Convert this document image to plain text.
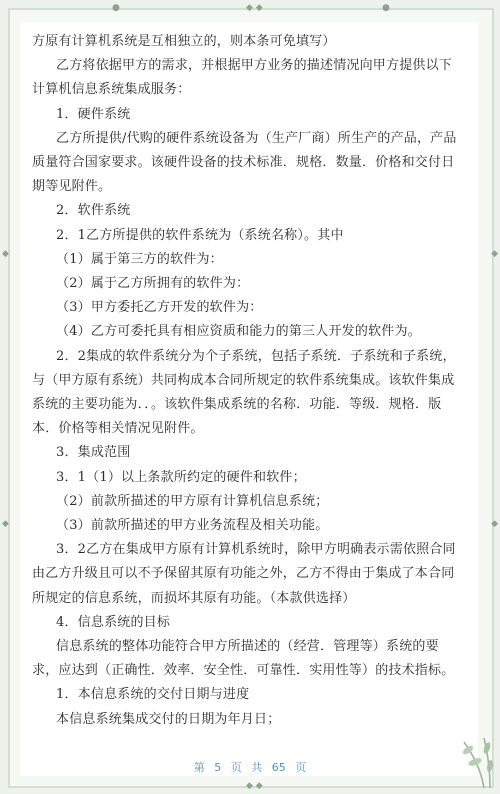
◆ ◆
●	●
◆
◆
◆
◆
◆ ◆

方原有计算机系统是互相独立的，则本条可免填写）

乙方将依据甲方的需求，并根据甲方业务的描述情况向甲方提供以下计算机信息系统集成服务：

1．硬件系统

乙方所提供/代购的硬件系统设备为（生产厂商）所生产的产品，产品质量符合国家要求。该硬件设备的技术标准．规格．数量．价格和交付日期等见附件。

2．软件系统

2．1乙方所提供的软件系统为（系统名称）。其中

（1）属于第三方的软件为：

（2）属于乙方所拥有的软件为：

（3）甲方委托乙方开发的软件为：

（4）乙方可委托具有相应资质和能力的第三人开发的软件为。

2．2集成的软件系统分为个子系统，包括子系统．子系统和子系统，与（甲方原有系统）共同构成本合同所规定的软件系统集成。该软件集成系统的主要功能为．．。该软件集成系统的名称．功能．等级．规格．版本．价格等相关情况见附件。

3．集成范围

3．1（1）以上条款所约定的硬件和软件；

（2）前款所描述的甲方原有计算机信息系统；

（3）前款所描述的甲方业务流程及相关功能。

3．2乙方在集成甲方原有计算机系统时，除甲方明确表示需依照合同由乙方升级且可以不予保留其原有功能之外，乙方不得由于集成了本合同所规定的信息系统，而损坏其原有功能。（本款供选择）

4．信息系统的目标

信息系统的整体功能符合甲方所描述的（经营．管理等）系统的要求，应达到（正确性．效率．安全性．可靠性．实用性等）的技术指标。

1．本信息系统的交付日期与进度

本信息系统集成交付的日期为年月日；

第 5 页 共 65 页
